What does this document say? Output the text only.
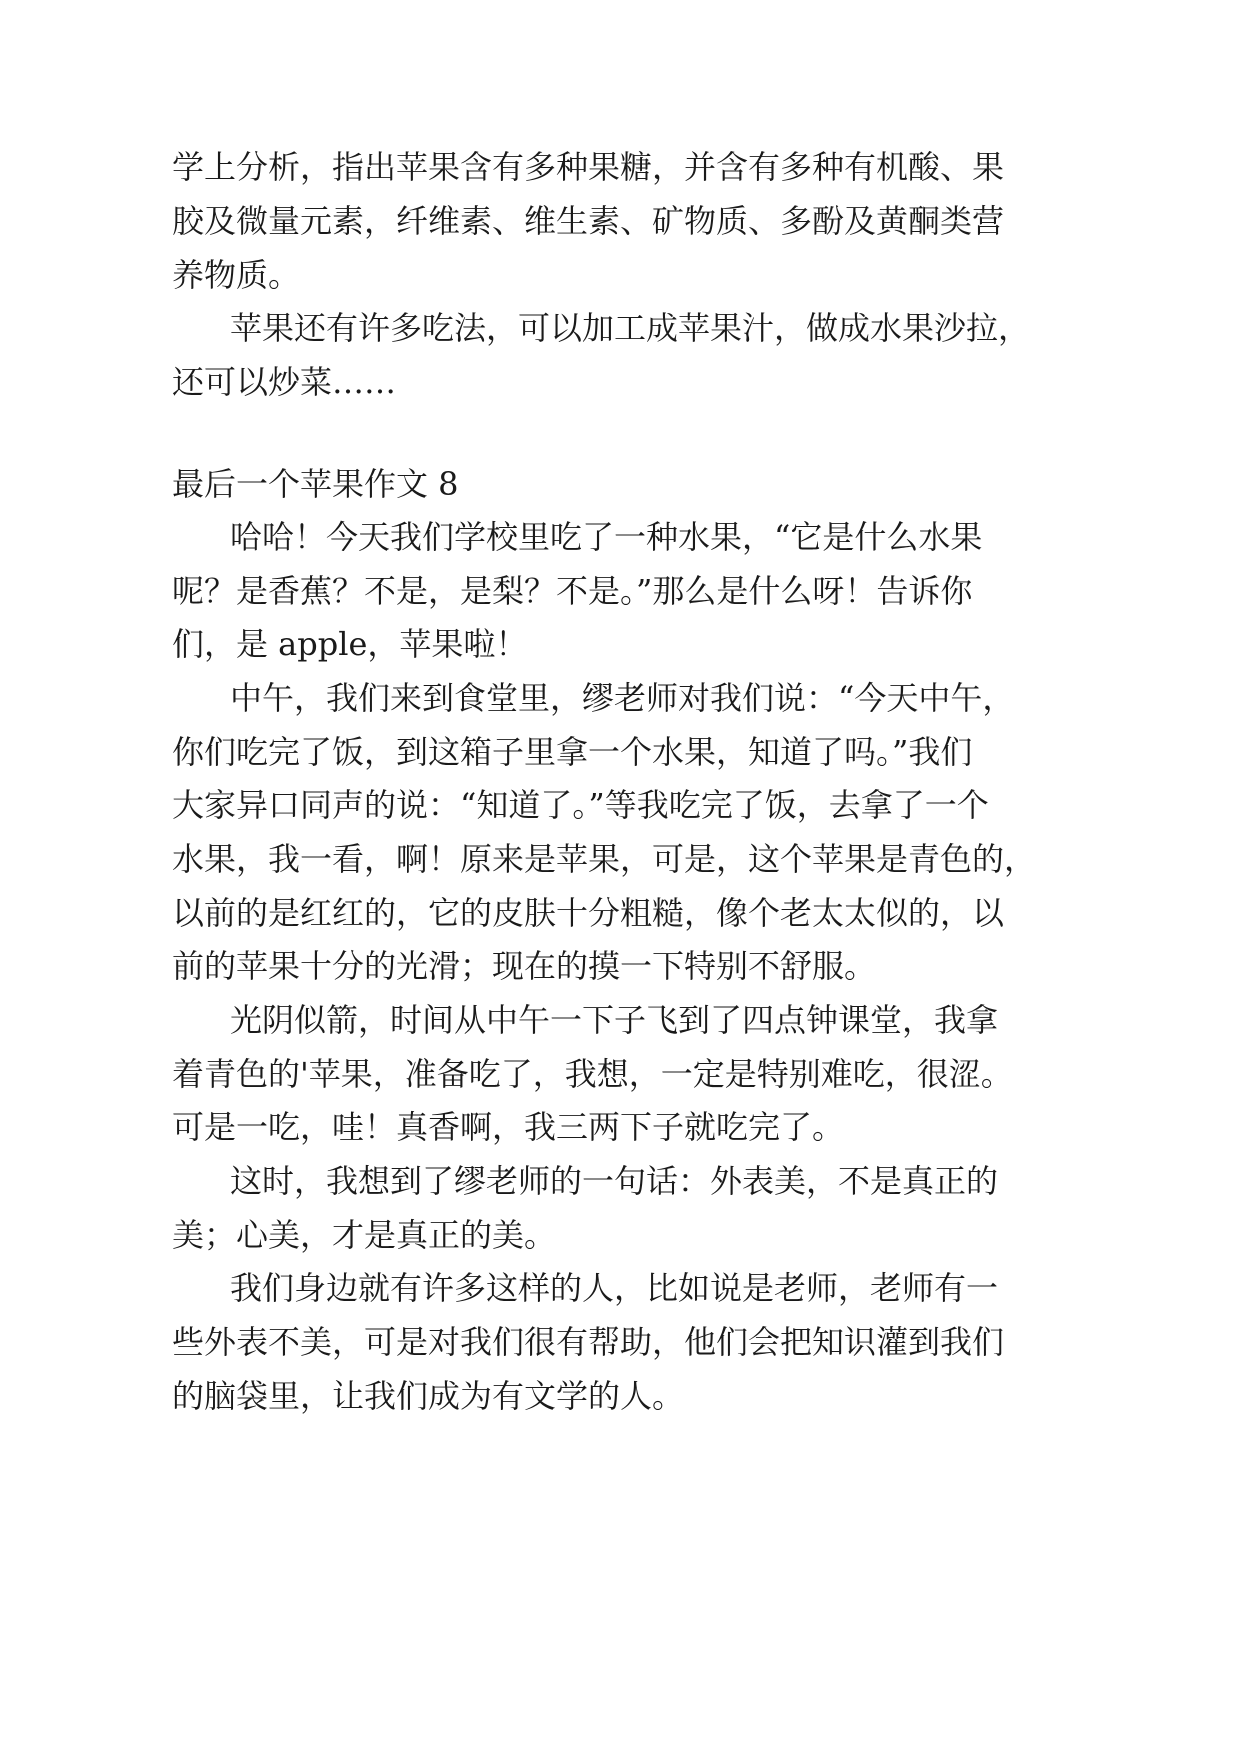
学上分析，指出苹果含有多种果糖，并含有多种有机酸、果
胶及微量元素，纤维素、维生素、矿物质、多酚及黄酮类营
养物质。
苹果还有许多吃法，可以加工成苹果汁，做成水果沙拉，
还可以炒菜……
最后一个苹果作文 8
哈哈！今天我们学校里吃了一种水果，“它是什么水果
呢？是香蕉？不是，是梨？不是。”那么是什么呀！告诉你
们，是 apple，苹果啦！
中午，我们来到食堂里，缪老师对我们说：“今天中午，
你们吃完了饭，到这箱子里拿一个水果，知道了吗。”我们
大家异口同声的说：“知道了。”等我吃完了饭，去拿了一个
水果，我一看，啊！原来是苹果，可是，这个苹果是青色的，
以前的是红红的，它的皮肤十分粗糙，像个老太太似的，以
前的苹果十分的光滑；现在的摸一下特别不舒服。
光阴似箭，时间从中午一下子飞到了四点钟课堂，我拿
着青色的'苹果，准备吃了，我想，一定是特别难吃，很涩。
可是一吃，哇！真香啊，我三两下子就吃完了。
这时，我想到了缪老师的一句话：外表美，不是真正的
美；心美，才是真正的美。
我们身边就有许多这样的人，比如说是老师，老师有一
些外表不美，可是对我们很有帮助，他们会把知识灌到我们
的脑袋里，让我们成为有文学的人。
